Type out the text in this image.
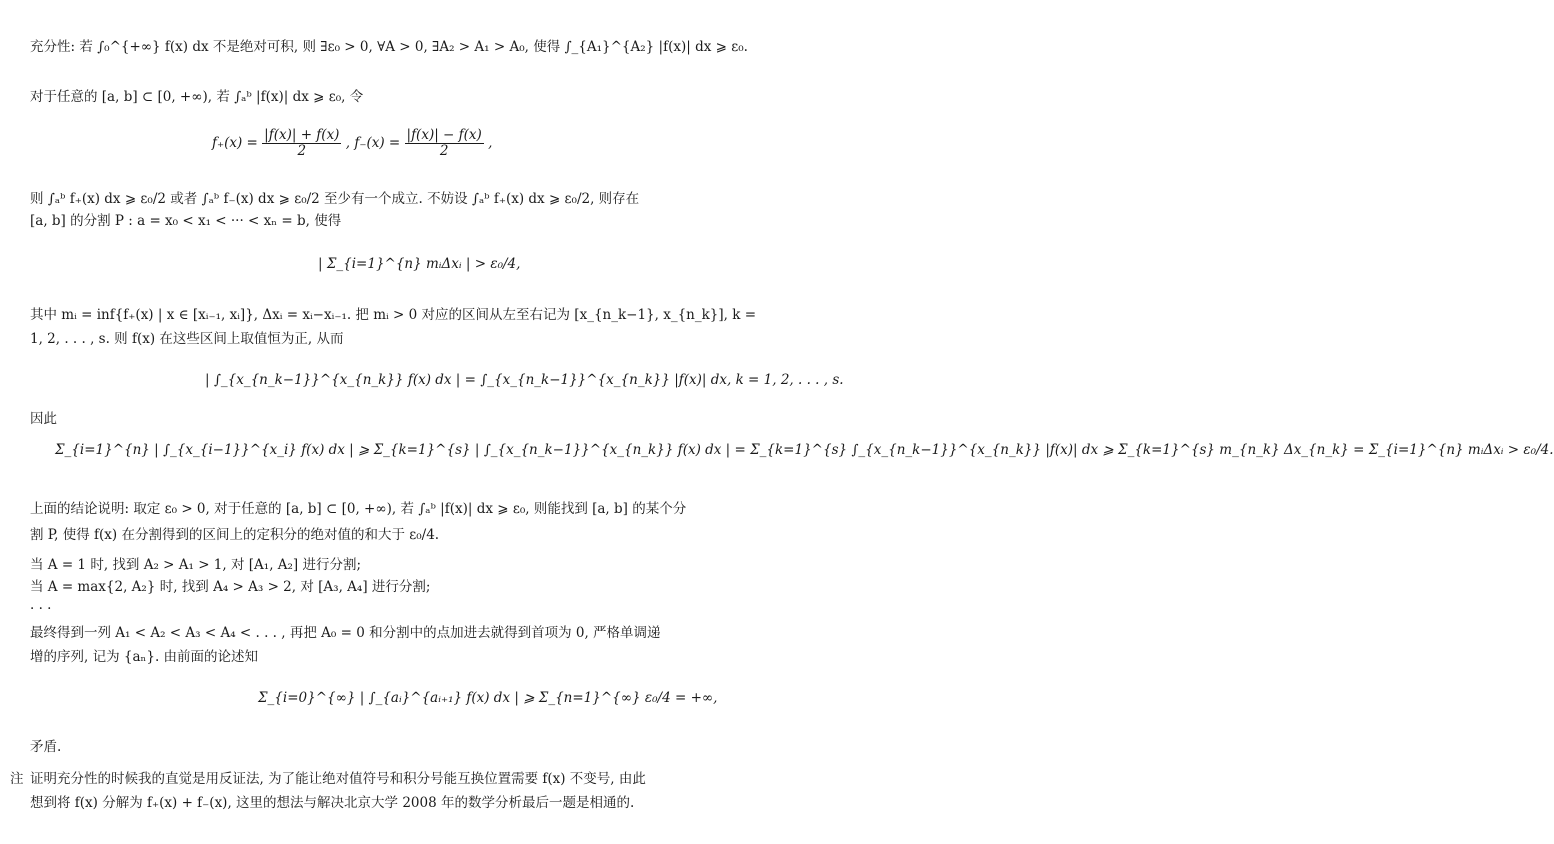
充分性: 若 ∫₀^{+∞} f(x) dx 不是绝对可积, 则 ∃ε₀ > 0, ∀A > 0, ∃A₂ > A₁ > A₀, 使得 ∫_{A₁}^{A₂} |f(x)| dx ⩾ ε₀.
对于任意的 [a, b] ⊂ [0, +∞), 若 ∫ₐᵇ |f(x)| dx ⩾ ε₀, 令
$f_+(x) = \frac{|f(x)| + f(x)}{2}$ , $f_-(x) = \frac{|f(x)| - f(x)}{2}$ ,
则 ∫ₐᵇ f₊(x) dx ⩾ ε₀/2 或者 ∫ₐᵇ f₋(x) dx ⩾ ε₀/2 至少有一个成立. 不妨设 ∫ₐᵇ f₊(x) dx ⩾ ε₀/2, 则存在
[a, b] 的分割 P : a = x₀ < x₁ < ··· < xₙ = b, 使得
| Σ_{i=1}^{n} mᵢΔxᵢ | > ε₀/4,
其中 mᵢ = inf{f₊(x) | x ∈ [xᵢ₋₁, xᵢ]}, Δxᵢ = xᵢ−xᵢ₋₁. 把 mᵢ > 0 对应的区间从左至右记为 [x_{n_k−1}, x_{n_k}], k =
1, 2, . . . , s. 则 f(x) 在这些区间上取值恒为正, 从而
| ∫_{x_{n_k−1}}^{x_{n_k}} f(x) dx | = ∫_{x_{n_k−1}}^{x_{n_k}} |f(x)| dx, k = 1, 2, . . . , s.
因此
Σ_{i=1}^{n} | ∫_{x_{i−1}}^{x_i} f(x) dx | ⩾ Σ_{k=1}^{s} | ∫_{x_{n_k−1}}^{x_{n_k}} f(x) dx | = Σ_{k=1}^{s} ∫_{x_{n_k−1}}^{x_{n_k}} |f(x)| dx ⩾ Σ_{k=1}^{s} m_{n_k} Δx_{n_k} = Σ_{i=1}^{n} mᵢΔxᵢ > ε₀/4.
上面的结论说明: 取定 ε₀ > 0, 对于任意的 [a, b] ⊂ [0, +∞), 若 ∫ₐᵇ |f(x)| dx ⩾ ε₀, 则能找到 [a, b] 的某个分
割 P, 使得 f(x) 在分割得到的区间上的定积分的绝对值的和大于 ε₀/4.
当 A = 1 时, 找到 A₂ > A₁ > 1, 对 [A₁, A₂] 进行分割;
当 A = max{2, A₂} 时, 找到 A₄ > A₃ > 2, 对 [A₃, A₄] 进行分割;
· · ·
最终得到一列 A₁ < A₂ < A₃ < A₄ < . . . , 再把 A₀ = 0 和分割中的点加进去就得到首项为 0, 严格单调递
增的序列, 记为 {aₙ}. 由前面的论述知
Σ_{i=0}^{∞} | ∫_{aᵢ}^{aᵢ₊₁} f(x) dx | ⩾ Σ_{n=1}^{∞} ε₀/4 = +∞,
矛盾.
注 证明充分性的时候我的直觉是用反证法, 为了能让绝对值符号和积分号能互换位置需要 f(x) 不变号, 由此
想到将 f(x) 分解为 f₊(x) + f₋(x), 这里的想法与解决北京大学 2008 年的数学分析最后一题是相通的.
